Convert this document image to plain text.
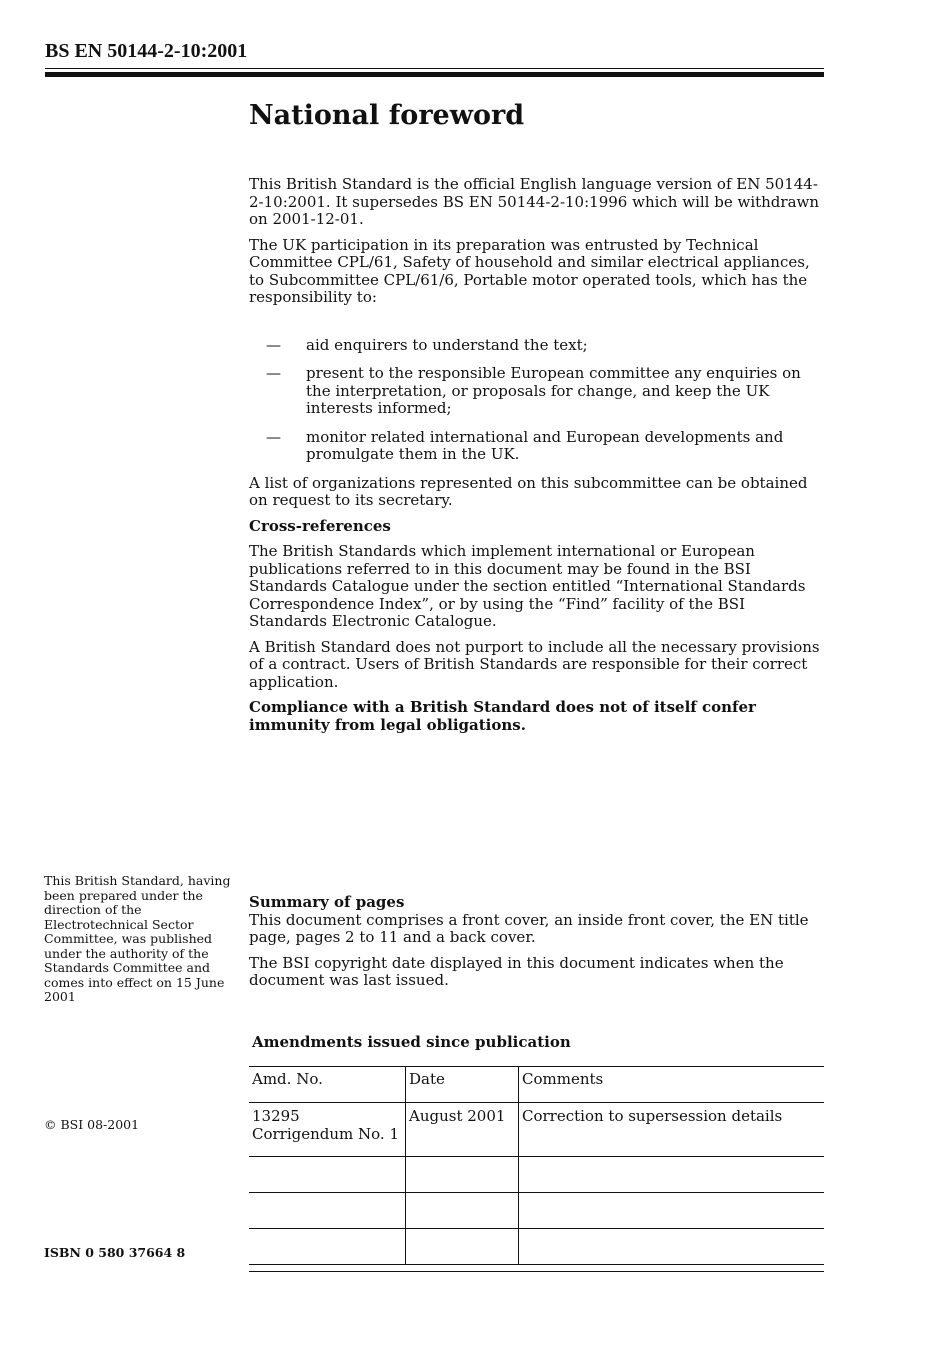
BS EN 50144-2-10:2001
National foreword

This British Standard is the official English language version of EN 50144-2-10:2001. It supersedes BS EN 50144-2-10:1996 which will be withdrawn on 2001-12-01.

The UK participation in its preparation was entrusted by Technical Committee CPL/61, Safety of household and similar electrical appliances, to Subcommittee CPL/61/6, Portable motor operated tools, which has the responsibility to:

— aid enquirers to understand the text;
— present to the responsible European committee any enquiries on the interpretation, or proposals for change, and keep the UK interests informed;
— monitor related international and European developments and promulgate them in the UK.

A list of organizations represented on this subcommittee can be obtained on request to its secretary.

Cross-references

The British Standards which implement international or European publications referred to in this document may be found in the BSI Standards Catalogue under the section entitled “International Standards Correspondence Index”, or by using the “Find” facility of the BSI Standards Electronic Catalogue.

A British Standard does not purport to include all the necessary provisions of a contract. Users of British Standards are responsible for their correct application.

Compliance with a British Standard does not of itself confer immunity from legal obligations.

This British Standard, having been prepared under the direction of the Electrotechnical Sector Committee, was published under the authority of the Standards Committee and comes into effect on 15 June 2001
© BSI 08-2001
ISBN 0 580 37664 8

Summary of pages

This document comprises a front cover, an inside front cover, the EN title page, pages 2 to 11 and a back cover.

The BSI copyright date displayed in this document indicates when the document was last issued.

Amendments issued since publication
Amd. No.	Date	Comments

13295
Corrigendum No. 1	August 2001	Correction to supersession details
